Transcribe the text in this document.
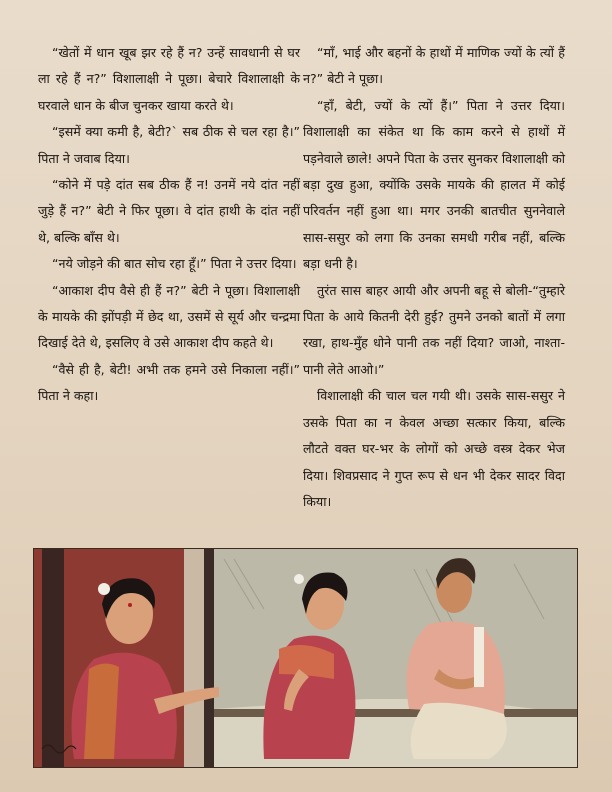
“खेतों में धान खूब झर रहे हैं न? उन्हें सावधानी से घर ला रहे हैं न?” विशालाक्षी ने पूछा। बेचारे विशालाक्षी के घरवाले धान के बीज चुनकर खाया करते थे।

“इसमें क्या कमी है, बेटी?` सब ठीक से चल रहा है।” पिता ने जवाब दिया।

“कोने में पड़े दांत सब ठीक हैं न! उनमें नये दांत नहीं जुड़े हैं न?” बेटी ने फिर पूछा। वे दांत हाथी के दांत नहीं थे, बल्कि बाँस थे।

“नये जोड़ने की बात सोच रहा हूँ।” पिता ने उत्तर दिया।

“आकाश दीप वैसे ही हैं न?” बेटी ने पूछा। विशालाक्षी के मायके की झोंपड़ी में छेद था, उसमें से सूर्य और चन्द्रमा दिखाई देते थे, इसलिए वे उसे आकाश दीप कहते थे।

“वैसे ही है, बेटी! अभी तक हमने उसे निकाला नहीं।” पिता ने कहा।

“माँ, भाई और बहनों के हाथों में माणिक ज्यों के त्यों हैं न?” बेटी ने पूछा।

“हाँ, बेटी, ज्यों के त्यों हैं।” पिता ने उत्तर दिया। विशालाक्षी का संकेत था कि काम करने से हाथों में पड़नेवाले छाले! अपने पिता के उत्तर सुनकर विशालाक्षी को बड़ा दुख हुआ, क्योंकि उसके मायके की हालत में कोई परिवर्तन नहीं हुआ था। मगर उनकी बातचीत सुननेवाले सास-ससुर को लगा कि उनका समधी गरीब नहीं, बल्कि बड़ा धनी है।

तुरंत सास बाहर आयी और अपनी बहू से बोली-“तुम्हारे पिता के आये कितनी देरी हुई? तुमने उनको बातों में लगा रखा, हाथ-मुँह धोने पानी तक नहीं दिया? जाओ, नाश्ता-पानी लेते आओ।”

विशालाक्षी की चाल चल गयी थी। उसके सास-ससुर ने उसके पिता का न केवल अच्छा सत्कार किया, बल्कि लौटते वक्त घर-भर के लोगों को अच्छे वस्त्र देकर भेज दिया। शिवप्रसाद ने गुप्त रूप से धन भी देकर सादर विदा किया।
